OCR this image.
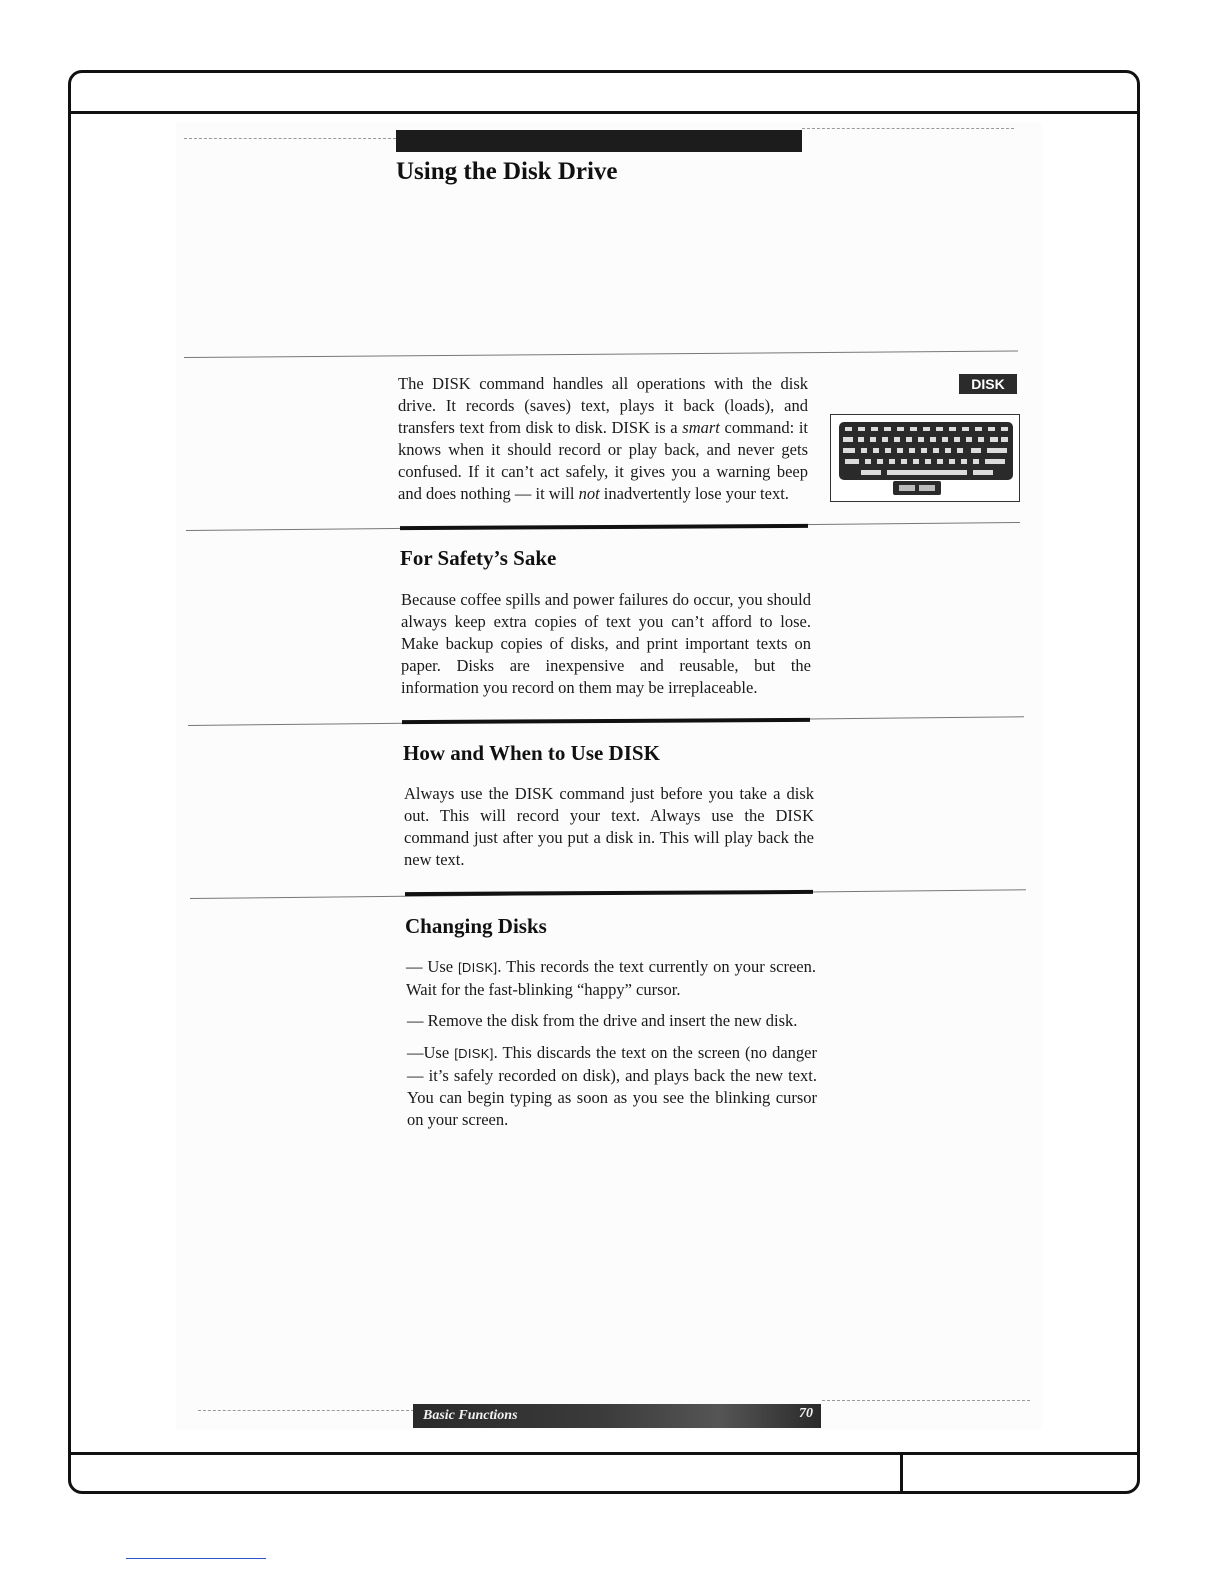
Using the Disk Drive

The DISK command handles all operations with the disk drive. It records (saves) text, plays it back (loads), and transfers text from disk to disk. DISK is a smart command: it knows when it should record or play back, and never gets confused. If it can’t act safely, it gives you a warning beep and does nothing — it will not inadvertently lose your text.

DISK
For Safety’s Sake

Because coffee spills and power failures do occur, you should always keep extra copies of text you can’t afford to lose. Make backup copies of disks, and print important texts on paper. Disks are inexpensive and reusable, but the information you record on them may be irreplaceable.

How and When to Use DISK

Always use the DISK command just before you take a disk out. This will record your text. Always use the DISK command just after you put a disk in. This will play back the new text.

Changing Disks

— Use [DISK]. This records the text currently on your screen. Wait for the fast-blinking “happy” cursor.

— Remove the disk from the drive and insert the new disk.

—Use [DISK]. This discards the text on the screen (no danger — it’s safely recorded on disk), and plays back the new text. You can begin typing as soon as you see the blinking cursor on your screen.

Basic Functions	70
